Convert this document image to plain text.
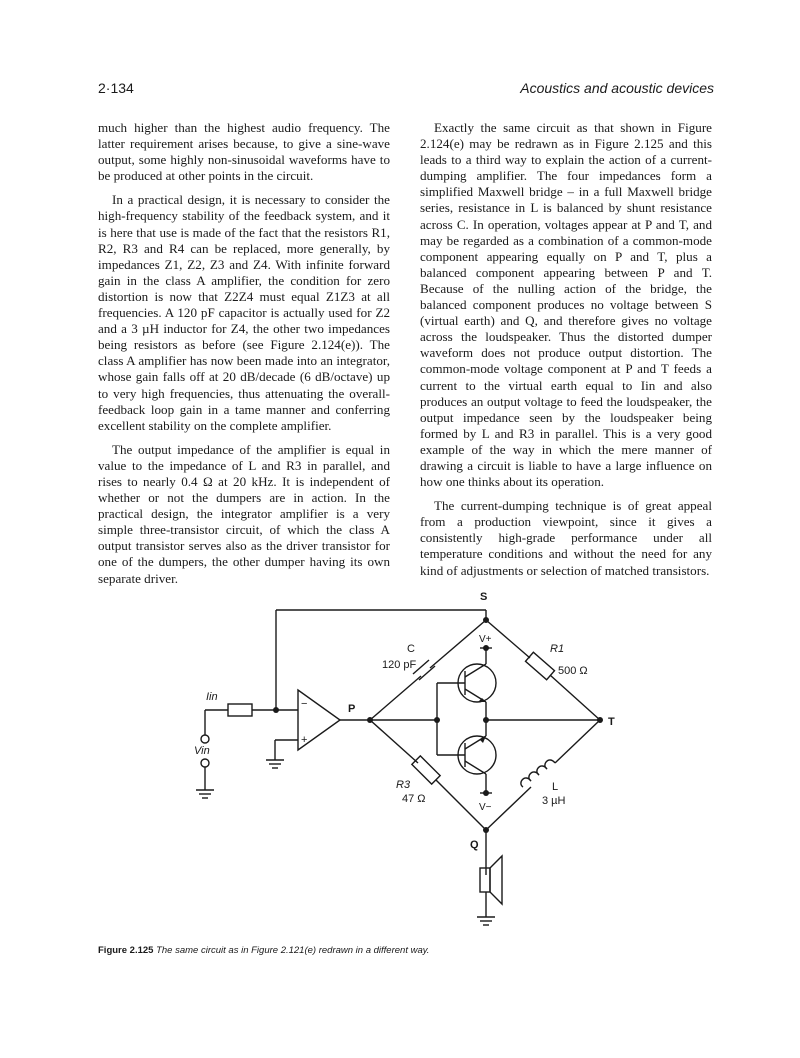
2·134	Acoustics and acoustic devices

much higher than the highest audio frequency. The latter requirement arises because, to give a sine-wave output, some highly non-sinusoidal waveforms have to be produced at other points in the circuit.

In a practical design, it is necessary to consider the high-frequency stability of the feedback system, and it is here that use is made of the fact that the resistors R1, R2, R3 and R4 can be replaced, more generally, by impedances Z1, Z2, Z3 and Z4. With infinite forward gain in the class A amplifier, the condition for zero distortion is now that Z2Z4 must equal Z1Z3 at all frequencies. A 120 pF capacitor is actually used for Z2 and a 3 µH inductor for Z4, the other two impedances being resistors as before (see Figure 2.124(e)). The class A amplifier has now been made into an integrator, whose gain falls off at 20 dB/decade (6 dB/octave) up to very high frequencies, thus attenuating the overall-feedback loop gain in a tame manner and conferring excellent stability on the complete amplifier.

The output impedance of the amplifier is equal in value to the impedance of L and R3 in parallel, and rises to nearly 0.4 Ω at 20 kHz. It is independent of whether or not the dumpers are in action. In the practical design, the integrator amplifier is a very simple three-transistor circuit, of which the class A output transistor serves also as the driver transistor for one of the dumpers, the other dumper having its own separate driver.

Exactly the same circuit as that shown in Figure 2.124(e) may be redrawn as in Figure 2.125 and this leads to a third way to explain the action of a current-dumping amplifier. The four impedances form a simplified Maxwell bridge – in a full Maxwell bridge series, resistance in L is balanced by shunt resistance across C. In operation, voltages appear at P and T, and may be regarded as a combination of a common-mode component appearing equally on P and T, plus a balanced component appearing between P and T. Because of the nulling action of the bridge, the balanced component produces no voltage between S (virtual earth) and Q, and therefore gives no voltage across the loudspeaker. Thus the distorted dumper waveform does not produce output distortion. The common-mode voltage component at P and T feeds a current to the virtual earth equal to Iin and also produces an output voltage to feed the loudspeaker, the output impedance seen by the loudspeaker being formed by L and R3 in parallel. This is a very good example of the way in which the mere manner of drawing a circuit is liable to have a large influence on how one thinks about its operation.

The current-dumping technique is of great appeal from a production viewpoint, since it gives a consistently high-grade performance under all temperature conditions and without the need for any kind of adjustments or selection of matched transistors.

S
P
T
Q
C
120 pF
R1
500 Ω
R3
47 Ω
L
3 µH
V+
V−
Iin
Vin
−
+
Figure 2.125 The same circuit as in Figure 2.121(e) redrawn in a different way.
